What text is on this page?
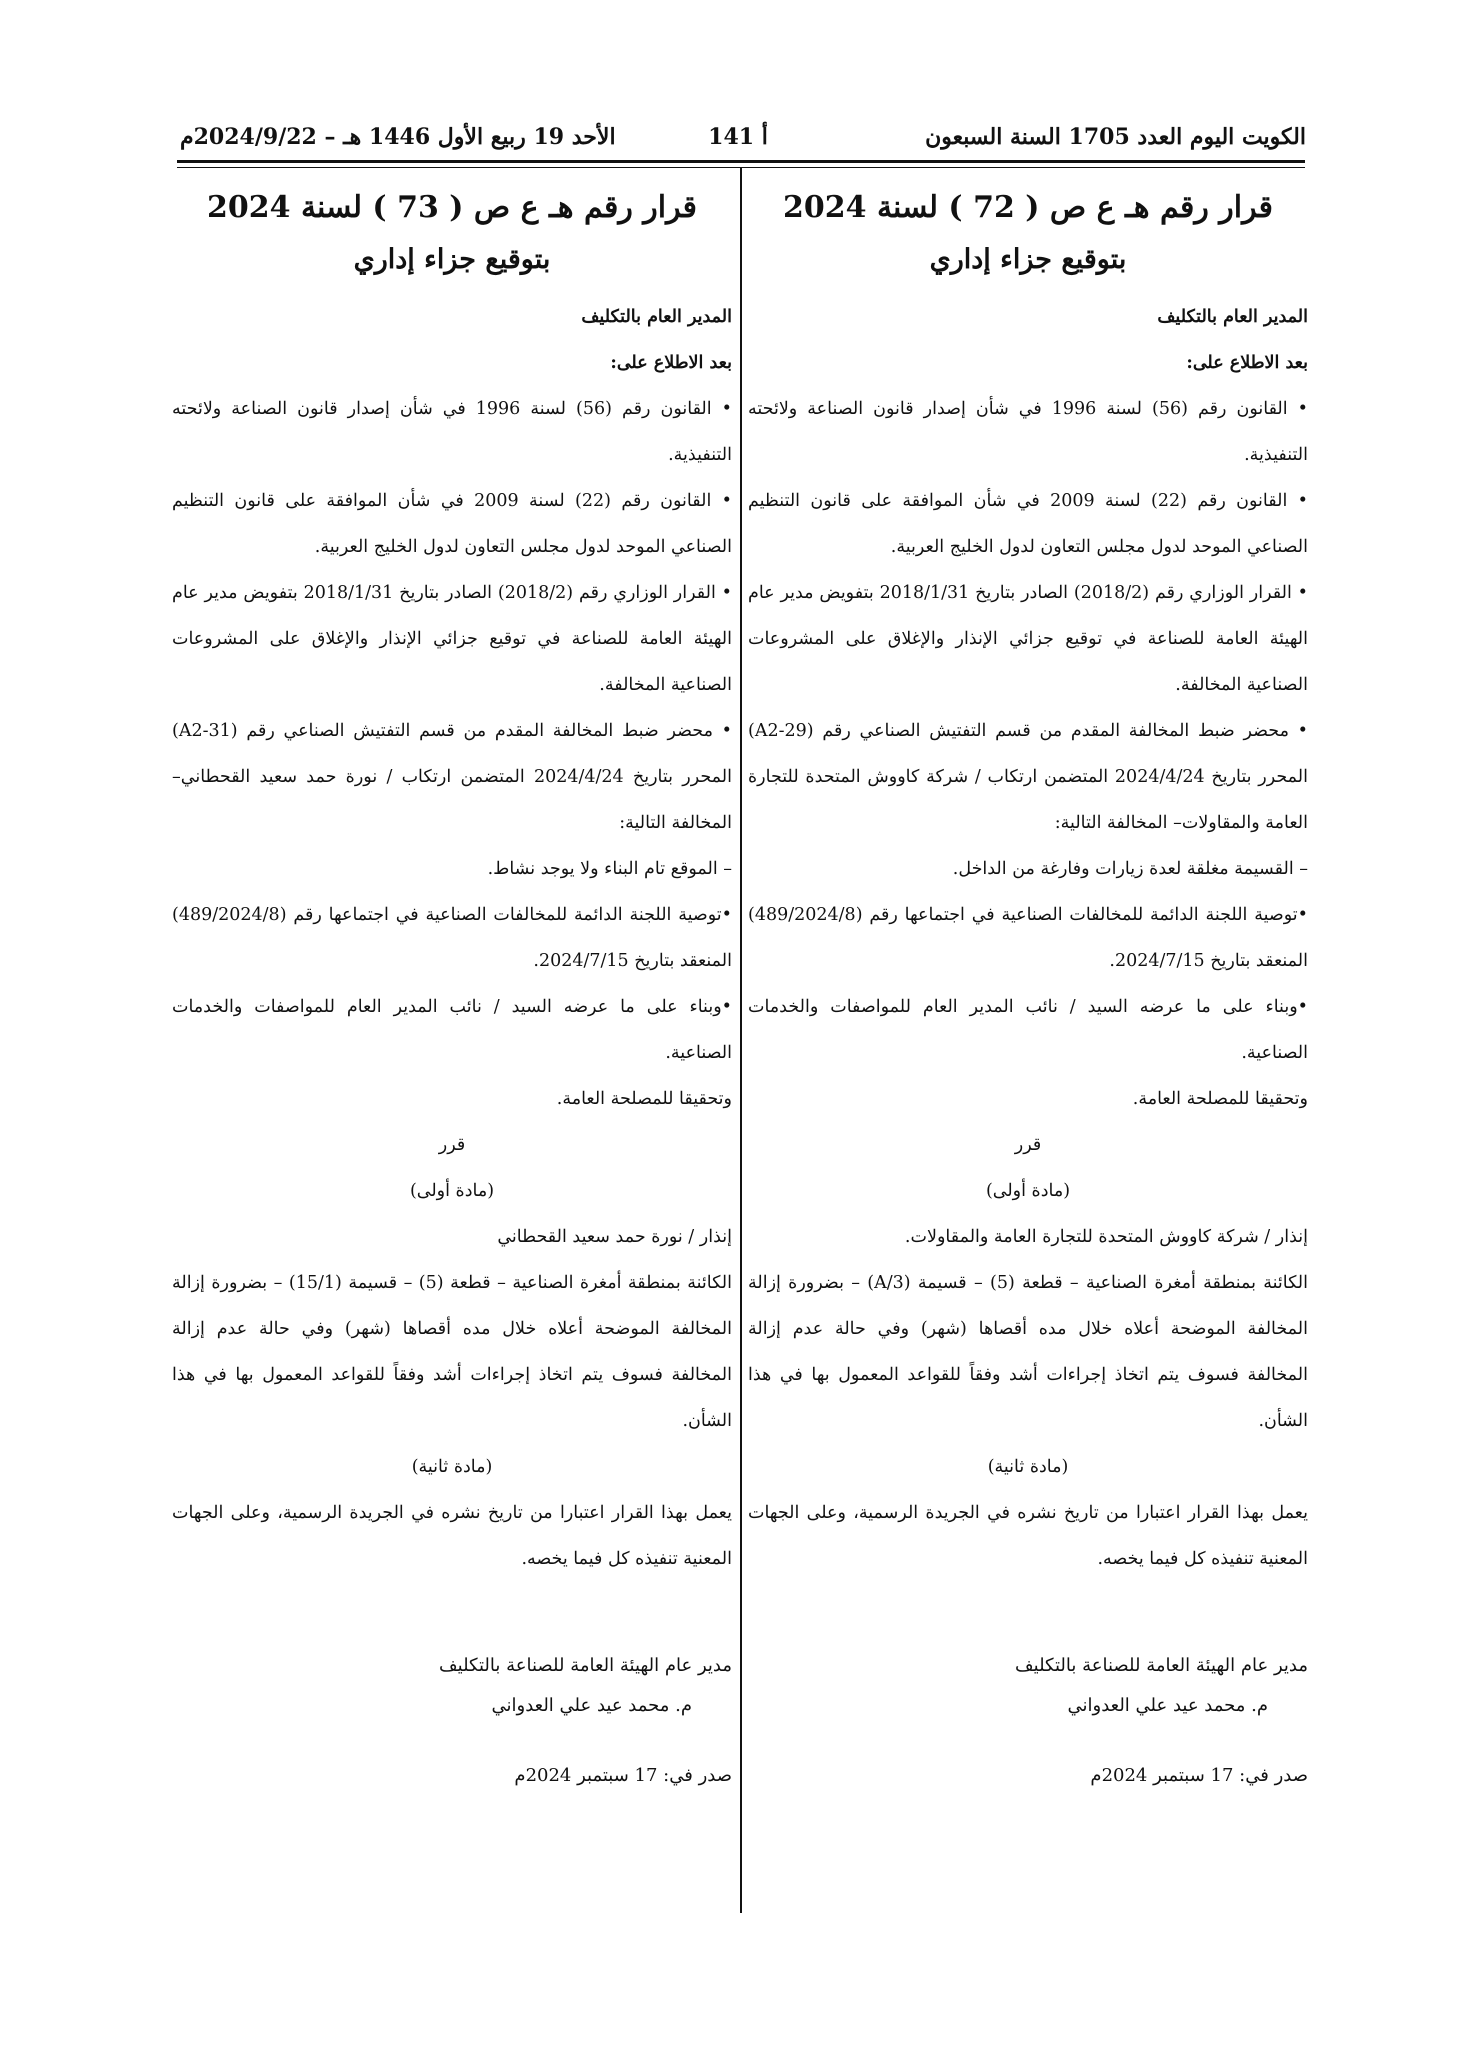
الكويت اليوم العدد 1705 السنة السبعون
أ 141
الأحد 19 ربيع الأول 1446 هـ – 2024/9/22م
قرار رقم هـ ع ص ( 72 ) لسنة 2024
بتوقيع جزاء إداري
المدير العام بالتكليف
بعد الاطلاع على:
• القانون رقم (56) لسنة 1996 في شأن إصدار قانون الصناعة ولائحته التنفيذية.
• القانون رقم (22) لسنة 2009 في شأن الموافقة على قانون التنظيم الصناعي الموحد لدول مجلس التعاون لدول الخليج العربية.
• القرار الوزاري رقم (2018/2) الصادر بتاريخ 2018/1/31 بتفويض مدير عام الهيئة العامة للصناعة في توقيع جزائي الإنذار والإغلاق على المشروعات الصناعية المخالفة.
• محضر ضبط المخالفة المقدم من قسم التفتيش الصناعي رقم (A2-29) المحرر بتاريخ 2024/4/24 المتضمن ارتكاب / شركة كاووش المتحدة للتجارة العامة والمقاولات– المخالفة التالية:
– القسيمة مغلقة لعدة زيارات وفارغة من الداخل.
•توصية اللجنة الدائمة للمخالفات الصناعية في اجتماعها رقم (489/2024/8) المنعقد بتاريخ 2024/7/15.
•وبناء على ما عرضه السيد / نائب المدير العام للمواصفات والخدمات الصناعية.
وتحقيقا للمصلحة العامة.
قرر
(مادة أولى)
إنذار / شركة كاووش المتحدة للتجارة العامة والمقاولات.
الكائنة بمنطقة أمغرة الصناعية – قطعة (5) – قسيمة (3/A) – بضرورة إزالة المخالفة الموضحة أعلاه خلال مده أقصاها (شهر) وفي حالة عدم إزالة المخالفة فسوف يتم اتخاذ إجراءات أشد وفقاً للقواعد المعمول بها في هذا الشأن.
(مادة ثانية)
يعمل بهذا القرار اعتبارا من تاريخ نشره في الجريدة الرسمية، وعلى الجهات المعنية تنفيذه كل فيما يخصه.
مدير عام الهيئة العامة للصناعة بالتكليف
م. محمد عيد علي العدواني
صدر في: 17 سبتمبر 2024م
قرار رقم هـ ع ص ( 73 ) لسنة 2024
بتوقيع جزاء إداري
المدير العام بالتكليف
بعد الاطلاع على:
• القانون رقم (56) لسنة 1996 في شأن إصدار قانون الصناعة ولائحته التنفيذية.
• القانون رقم (22) لسنة 2009 في شأن الموافقة على قانون التنظيم الصناعي الموحد لدول مجلس التعاون لدول الخليج العربية.
• القرار الوزاري رقم (2018/2) الصادر بتاريخ 2018/1/31 بتفويض مدير عام الهيئة العامة للصناعة في توقيع جزائي الإنذار والإغلاق على المشروعات الصناعية المخالفة.
• محضر ضبط المخالفة المقدم من قسم التفتيش الصناعي رقم (A2-31) المحرر بتاريخ 2024/4/24 المتضمن ارتكاب / نورة حمد سعيد القحطاني– المخالفة التالية:
– الموقع تام البناء ولا يوجد نشاط.
•توصية اللجنة الدائمة للمخالفات الصناعية في اجتماعها رقم (489/2024/8) المنعقد بتاريخ 2024/7/15.
•وبناء على ما عرضه السيد / نائب المدير العام للمواصفات والخدمات الصناعية.
وتحقيقا للمصلحة العامة.
قرر
(مادة أولى)
إنذار / نورة حمد سعيد القحطاني
الكائنة بمنطقة أمغرة الصناعية – قطعة (5) – قسيمة (15/1) – بضرورة إزالة المخالفة الموضحة أعلاه خلال مده أقصاها (شهر) وفي حالة عدم إزالة المخالفة فسوف يتم اتخاذ إجراءات أشد وفقاً للقواعد المعمول بها في هذا الشأن.
(مادة ثانية)
يعمل بهذا القرار اعتبارا من تاريخ نشره في الجريدة الرسمية، وعلى الجهات المعنية تنفيذه كل فيما يخصه.
مدير عام الهيئة العامة للصناعة بالتكليف
م. محمد عيد علي العدواني
صدر في: 17 سبتمبر 2024م
